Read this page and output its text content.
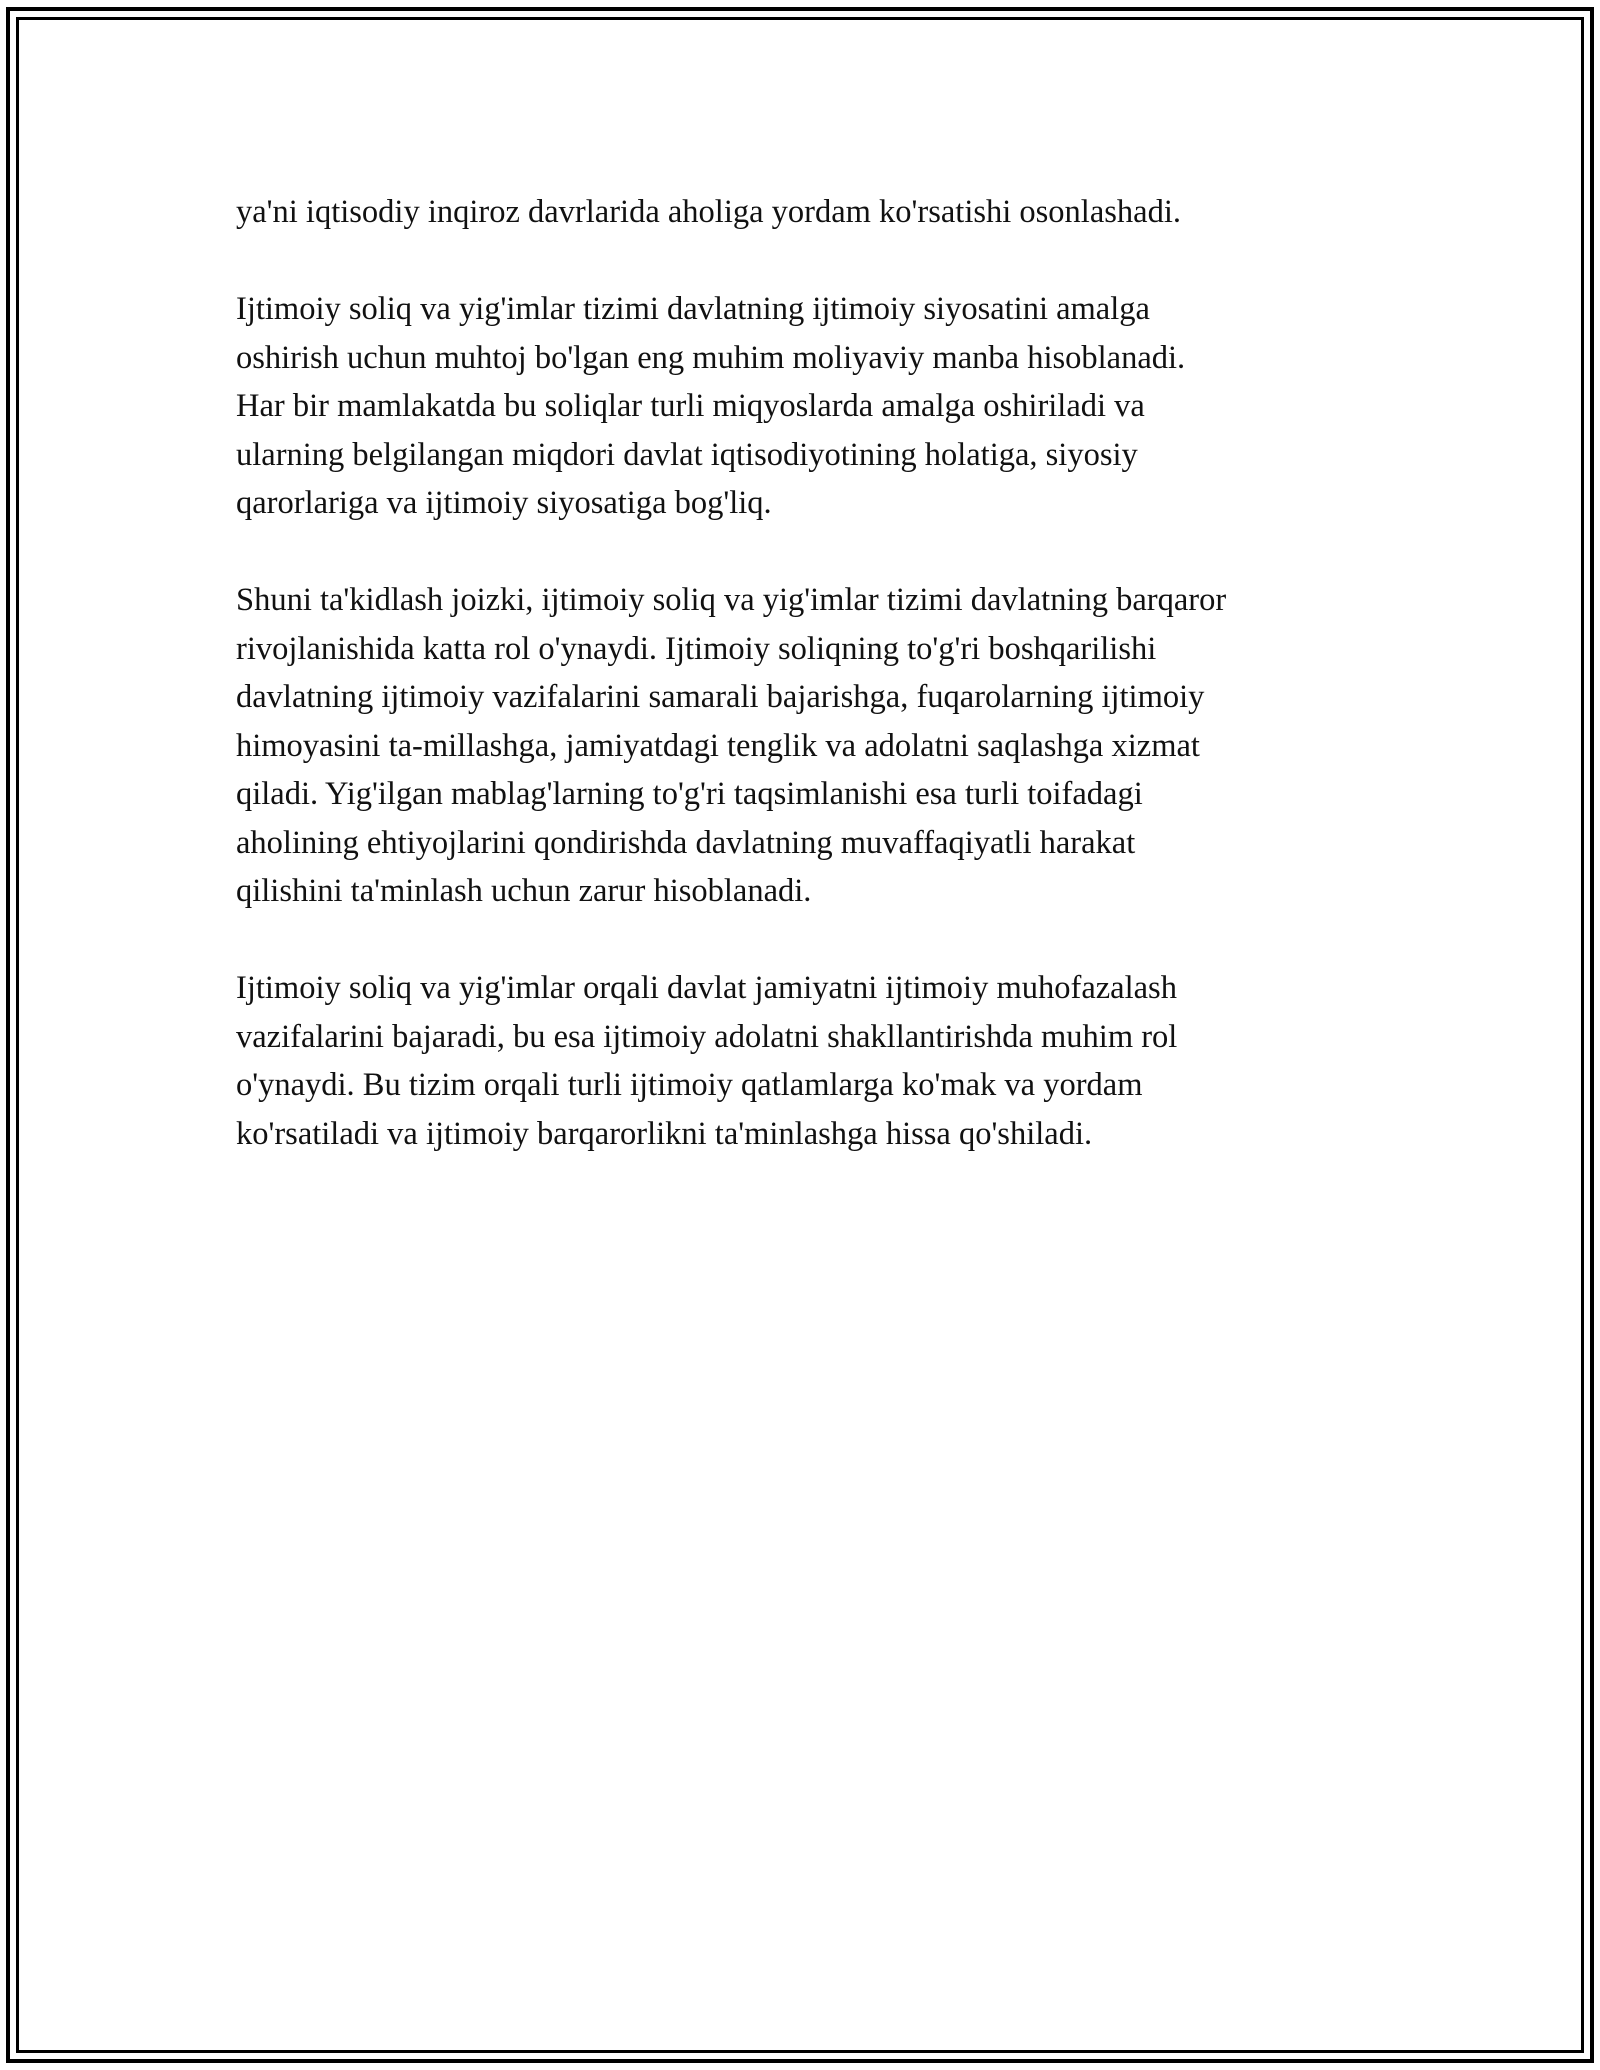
ya'ni iqtisodiy inqiroz davrlarida aholiga yordam ko'rsatishi osonlashadi.

Ijtimoiy soliq va yig'imlar tizimi davlatning ijtimoiy siyosatini amalga
oshirish uchun muhtoj bo'lgan eng muhim moliyaviy manba hisoblanadi.
Har bir mamlakatda bu soliqlar turli miqyoslarda amalga oshiriladi va
ularning belgilangan miqdori davlat iqtisodiyotining holatiga, siyosiy
qarorlariga va ijtimoiy siyosatiga bog'liq.

Shuni ta'kidlash joizki, ijtimoiy soliq va yig'imlar tizimi davlatning barqaror
rivojlanishida katta rol o'ynaydi. Ijtimoiy soliqning to'g'ri boshqarilishi
davlatning ijtimoiy vazifalarini samarali bajarishga, fuqarolarning ijtimoiy
himoyasini ta-millashga, jamiyatdagi tenglik va adolatni saqlashga xizmat
qiladi. Yig'ilgan mablag'larning to'g'ri taqsimlanishi esa turli toifadagi
aholining ehtiyojlarini qondirishda davlatning muvaffaqiyatli harakat
qilishini ta'minlash uchun zarur hisoblanadi.

Ijtimoiy soliq va yig'imlar orqali davlat jamiyatni ijtimoiy muhofazalash
vazifalarini bajaradi, bu esa ijtimoiy adolatni shakllantirishda muhim rol
o'ynaydi. Bu tizim orqali turli ijtimoiy qatlamlarga ko'mak va yordam
ko'rsatiladi va ijtimoiy barqarorlikni ta'minlashga hissa qo'shiladi.
